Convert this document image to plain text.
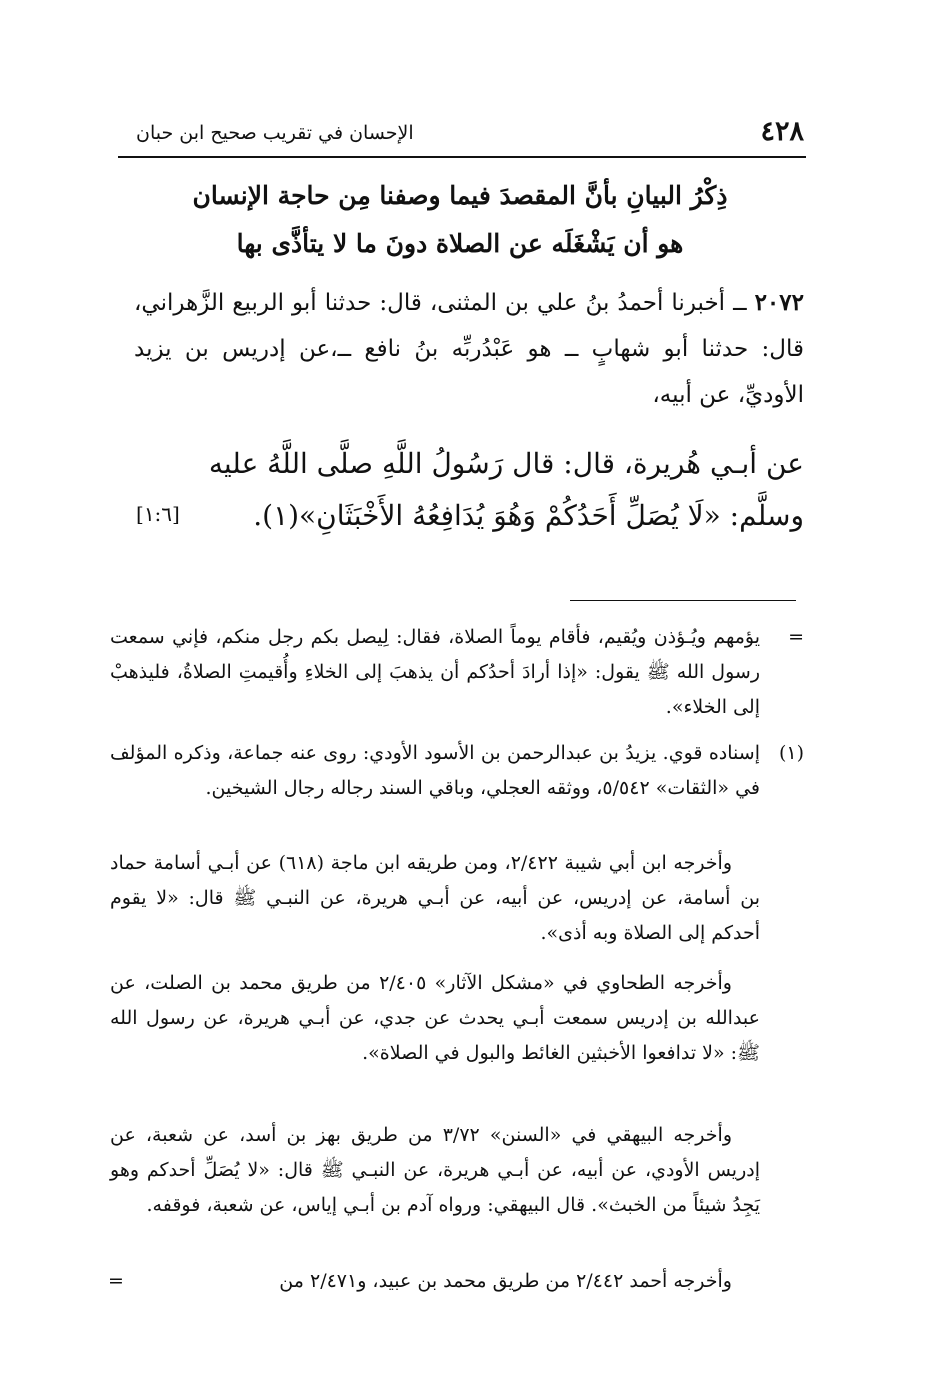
٤٢٨
الإحسان في تقريب صحيح ابن حبان
ذِكْرُ البيانِ بأنَّ المقصدَ فيما وصفنا مِن حاجة الإنسان
هو أن يَشْغَلَه عن الصلاة دونَ ما لا يتأذَّى بها
٢٠٧٢ ــ أخبرنا أحمدُ بنُ علي بن المثنى، قال: حدثنا أبو الربيع الزَّهراني، قال: حدثنا أبو شهابٍ ــ هو عَبْدُربِّه بنُ نافع ــ،عن إدريس بن يزيد الأوديِّ، عن أبيه،
عن أبـي هُريرة، قال: قال رَسُولُ اللَّهِ صلَّى اللَّهُ عليه
وسلَّم: «لَا يُصَلِّ أَحَدُكُمْ وَهُوَ يُدَافِعُهُ الأَخْبَثَانِ»(١).
[١:٦]
=
يؤمهم ويُـؤذن ويُقيم، فأقام يوماً الصلاة، فقال: لِيصل بكم رجل منكم، فإني سمعت رسول الله ﷺ يقول: «إذا أرادَ أحدُكم أن يذهبَ إلى الخلاءِ وأُقيمتِ الصلاةُ، فليذهبْ إلى الخلاء».
(١)
إسناده قوي. يزيدُ بن عبدالرحمن بن الأسود الأودي: روى عنه جماعة، وذكره المؤلف في «الثقات» ٥/٥٤٢، ووثقه العجلي، وباقي السند رجاله رجال الشيخين.
وأخرجه ابن أبي شيبة ٢/٤٢٢، ومن طريقه ابن ماجة (٦١٨) عن أبـي أسامة حماد بن أسامة، عن إدريس، عن أبيه، عن أبـي هريرة، عن النبـي ﷺ قال: «لا يقوم أحدكم إلى الصلاة وبه أذى».
وأخرجه الطحاوي في «مشكل الآثار» ٢/٤٠٥ من طريق محمد بن الصلت، عن عبدالله بن إدريس سمعت أبـي يحدث عن جدي، عن أبـي هريرة، عن رسول الله ﷺ: «لا تدافعوا الأخبثين الغائط والبول في الصلاة».
وأخرجه البيهقي في «السنن» ٣/٧٢ من طريق بهز بن أسد، عن شعبة، عن إدريس الأودي، عن أبيه، عن أبـي هريرة، عن النبـي ﷺ قال: «لا يُصَلِّ أحدكم وهو يَجِدُ شيئاً من الخبث». قال البيهقي: ورواه آدم بن أبـي إياس، عن شعبة، فوقفه.
وأخرجه أحمد ٢/٤٤٢ من طريق محمد بن عبيد، و٢/٤٧١ من
=
